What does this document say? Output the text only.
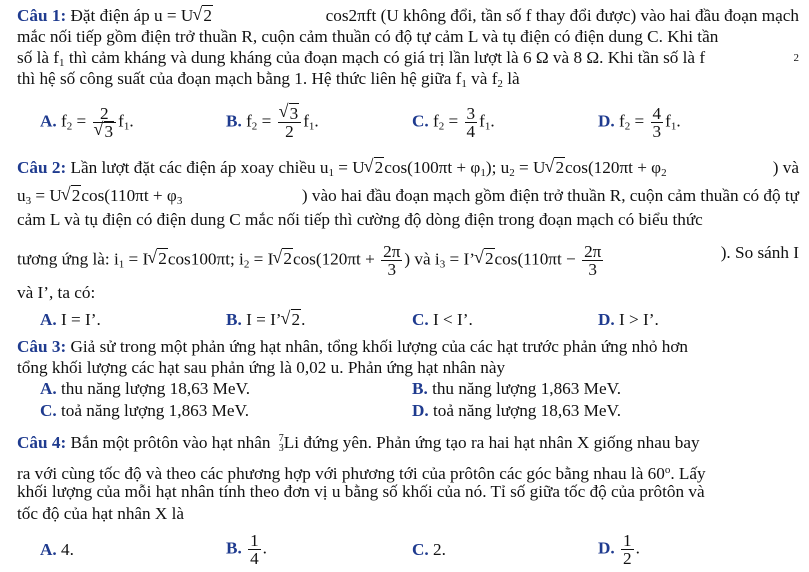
Câu 1: Đặt điện áp u = U√ 2	cos2πft (U không đổi, tần số f thay đổi được) vào hai đầu đoạn mạch
mắc nối tiếp gồm điện trở thuần R, cuộn cảm thuần có độ tự cảm L và tụ điện có điện dung C. Khi tần
số là $f_1$ thì cảm kháng và dung kháng của đoạn mạch có giá trị lần lượt là 6 Ω và 8 Ω. Khi tần số là f	2
thì hệ số công suất của đoạn mạch bằng 1. Hệ thức liên hệ giữa $f_1$ và $f_2$ là
A. $f_2 = 2$
√ 3 $f_1$.	B. $f_2$ =
√ $\frac{3}{2} f_1$.	C. $f_2 = \frac{3}{4} f_1$.	D. $f_2 = \frac{4}{3} f_1$.
Câu 2: Lần lượt đặt các điện áp xoay chiều $u_1 = U√$ $2\cos(100\pi t + \varphi_1)$; $u_2 = U√$ $2\cos(120\pi t + \varphi_2$	) và
$u_3 = U√$ $2\cos(110\pi t + \varphi_3$	) vào hai đầu đoạn mạch gồm điện trở thuần R, cuộn cảm thuần có độ tự
cảm L và tụ điện có điện dung C mắc nối tiếp thì cường độ dòng điện trong đoạn mạch có biểu thức
tương ứng là: $i_1 = I√$ 2cos100πt; $i_2 = I√$ $2\cos(120\pi t + \frac{2\pi}{3}$ ) và $i_3$ = I’√ $2\cos(110\pi t - \frac{2\pi}{3}$	). So sánh I
và I’, ta có:
A. I = I’.	B. I = I’√ 2.	C. I < I’.	D. I > I’.
Câu 3: Giả sử trong một phản ứng hạt nhân, tổng khối lượng của các hạt trước phản ứng nhỏ hơn
tổng khối lượng các hạt sau phản ứng là 0,02 u. Phản ứng hạt nhân này
A. thu năng lượng 18,63 MeV.	B. thu năng lượng 1,863 MeV.
C. toả năng lượng 1,863 MeV.	D. toả năng lượng 18,63 MeV.
Câu 4: Bắn một prôtôn vào hạt nhân 7
3 Li đứng yên. Phản ứng tạo ra hai hạt nhân X giống nhau bay
ra với cùng tốc độ và theo các phương hợp với phương tới của prôtôn các góc bằng nhau là 60$^o$. Lấy
khối lượng của mỗi hạt nhân tính theo đơn vị u bằng số khối của nó. Tỉ số giữa tốc độ của prôtôn và
tốc độ của hạt nhân X là
A. 4.	B. $\frac{1}{4}$ .	C. 2.	D. $\frac{1}{2}$ .
